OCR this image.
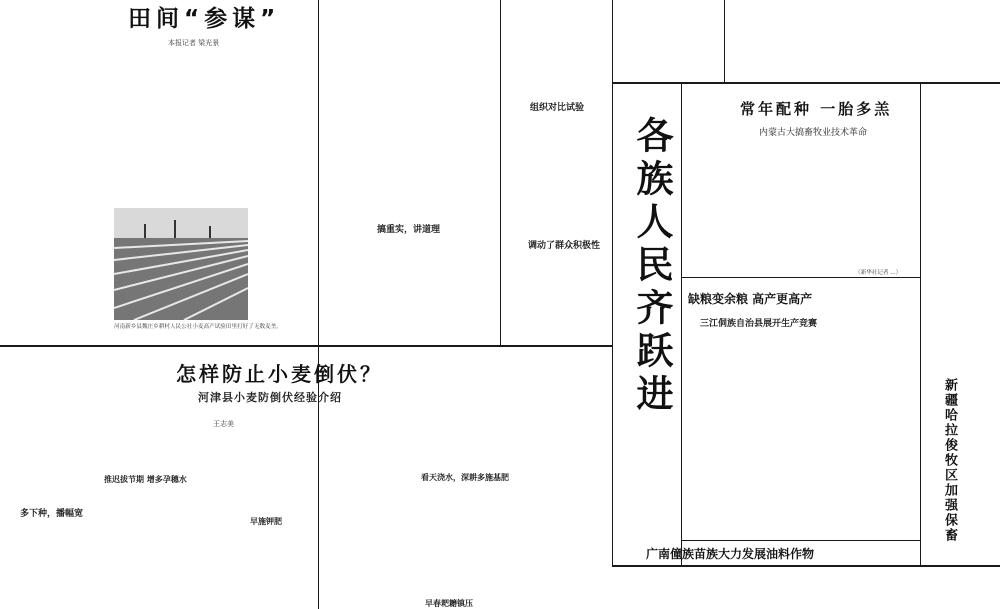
田间“参谋”
本报记者 梁光景
河南新乡县魏庄乡耕村人民公社小麦高产试验田里打好了无数麦垄。
组织对比试验
搞重实，讲道理
调动了群众积极性 各族人民齐跃进
常年配种 一胎多羔
内蒙古大搞畜牧业技术革命
缺粮变余粮 高产更高产
三江侗族自治县展开生产竞赛
（新华社记者 ...）
新疆哈拉俊牧区加强保畜
广南僮族苗族大力发展油料作物
怎样防止小麦倒伏？
河津县小麦防倒伏经验介绍
王志美
多下种，播幅宽
推迟拔节期 增多孕穗水
早施钾肥
看天浇水，深耕多施基肥
早春耙耱镇压
